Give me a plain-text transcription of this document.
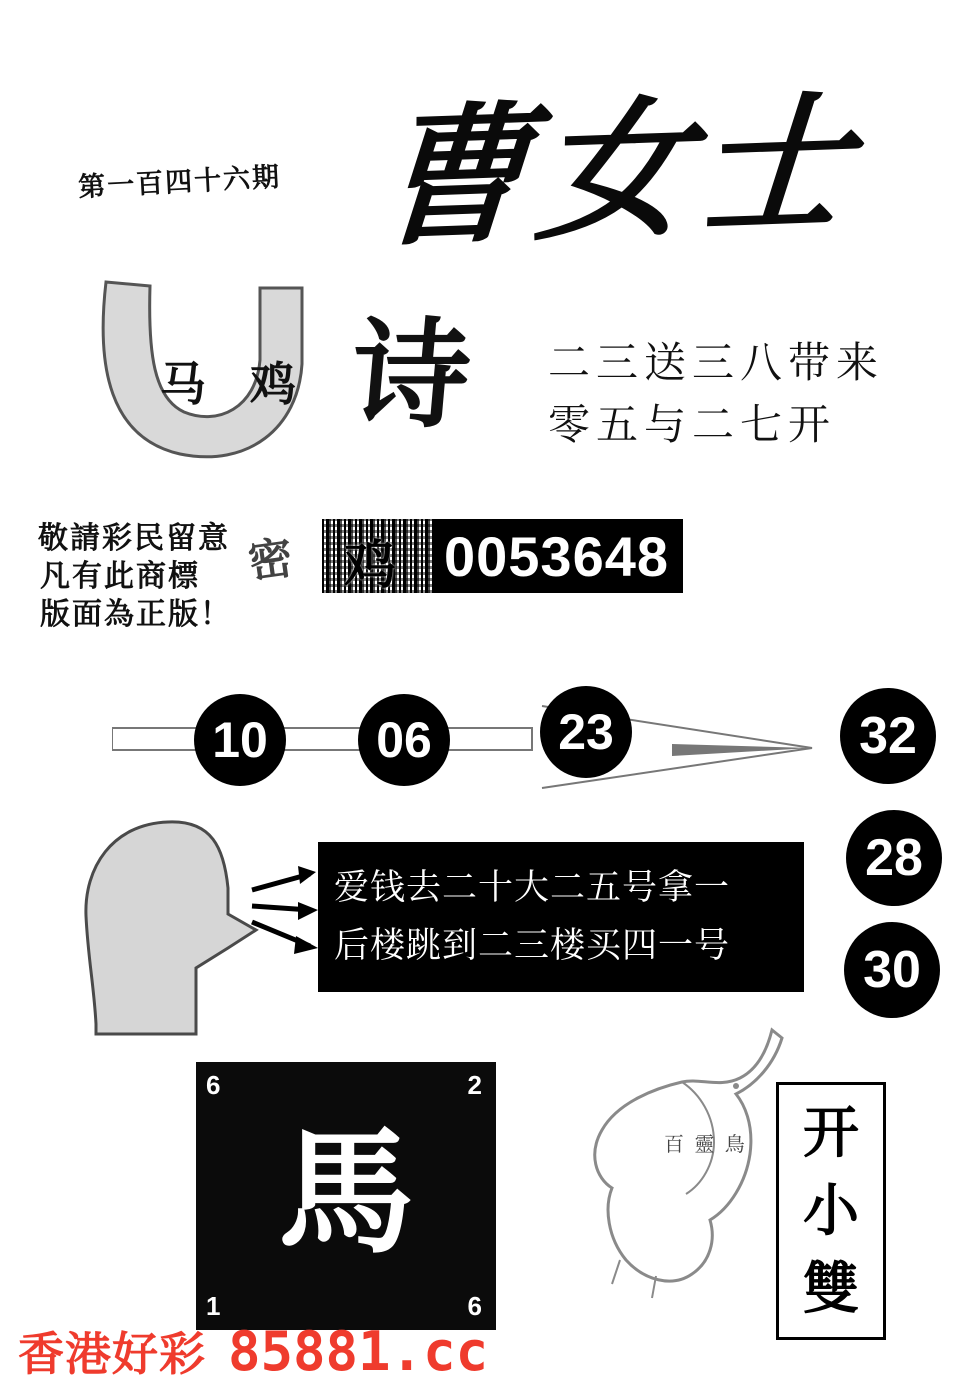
第一百四十六期 曹女士
马 鸡 诗 二三送三八带来
零五与二七开
敬請彩民留意
凡有此商標
版面為正版！
密 鸡 0053648
10	06	23	32
28
30
爱钱去二十大二五号拿一
后楼跳到二三楼买四一号
6	2
1	6
馬	百 靈 鳥 开
小
雙
香港好彩 85881.cc
